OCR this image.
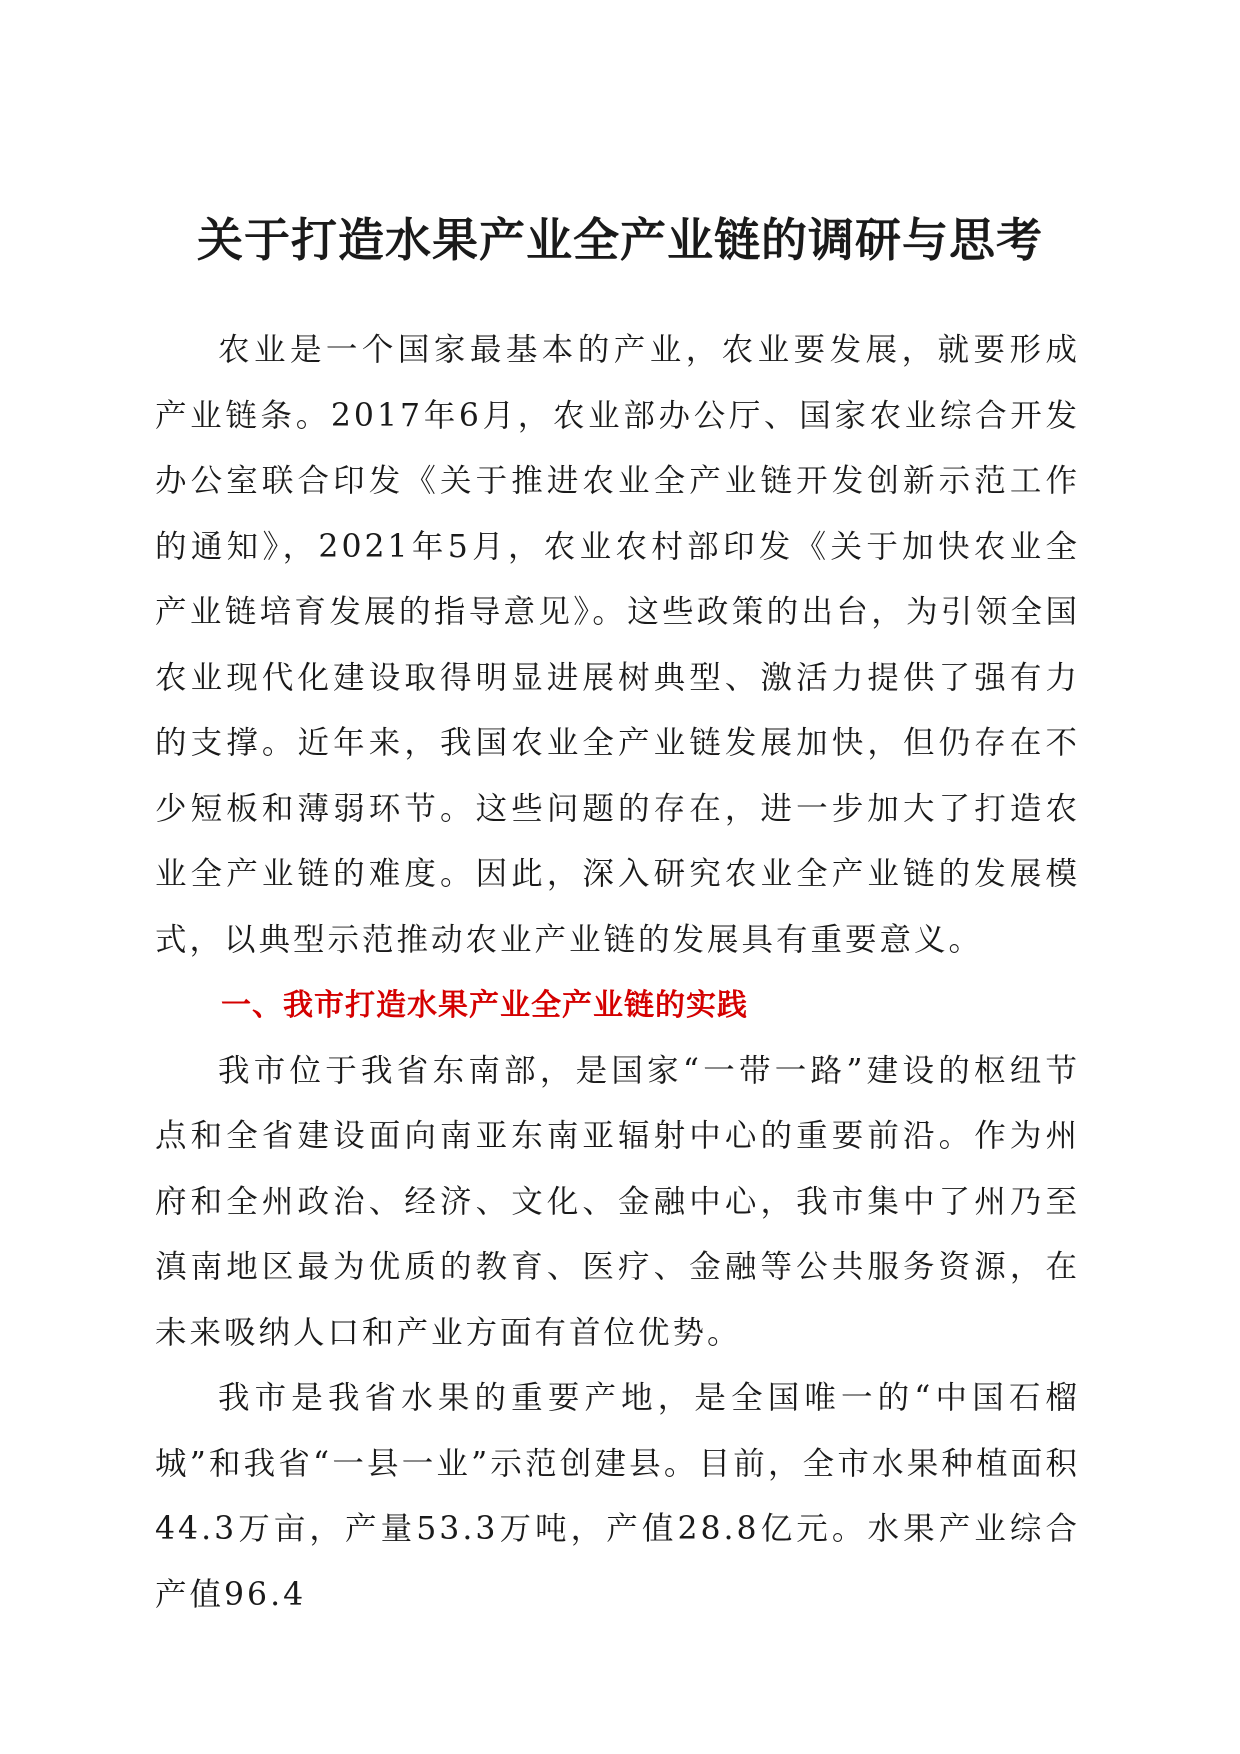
关于打造水果产业全产业链的调研与思考

农业是一个国家最基本的产业，农业要发展，就要形成产业链条。2017年6月，农业部办公厅、国家农业综合开发办公室联合印发《关于推进农业全产业链开发创新示范工作的通知》，2021年5月，农业农村部印发《关于加快农业全产业链培育发展的指导意见》。这些政策的出台，为引领全国农业现代化建设取得明显进展树典型、激活力提供了强有力的支撑。近年来，我国农业全产业链发展加快，但仍存在不少短板和薄弱环节。这些问题的存在，进一步加大了打造农业全产业链的难度。因此，深入研究农业全产业链的发展模式，以典型示范推动农业产业链的发展具有重要意义。

一、我市打造水果产业全产业链的实践

我市位于我省东南部，是国家“一带一路”建设的枢纽节点和全省建设面向南亚东南亚辐射中心的重要前沿。作为州府和全州政治、经济、文化、金融中心，我市集中了州乃至滇南地区最为优质的教育、医疗、金融等公共服务资源，在未来吸纳人口和产业方面有首位优势。

我市是我省水果的重要产地，是全国唯一的“中国石榴城”和我省“一县一业”示范创建县。目前，全市水果种植面积44.3万亩，产量53.3万吨，产值28.8亿元。水果产业综合产值96.4
